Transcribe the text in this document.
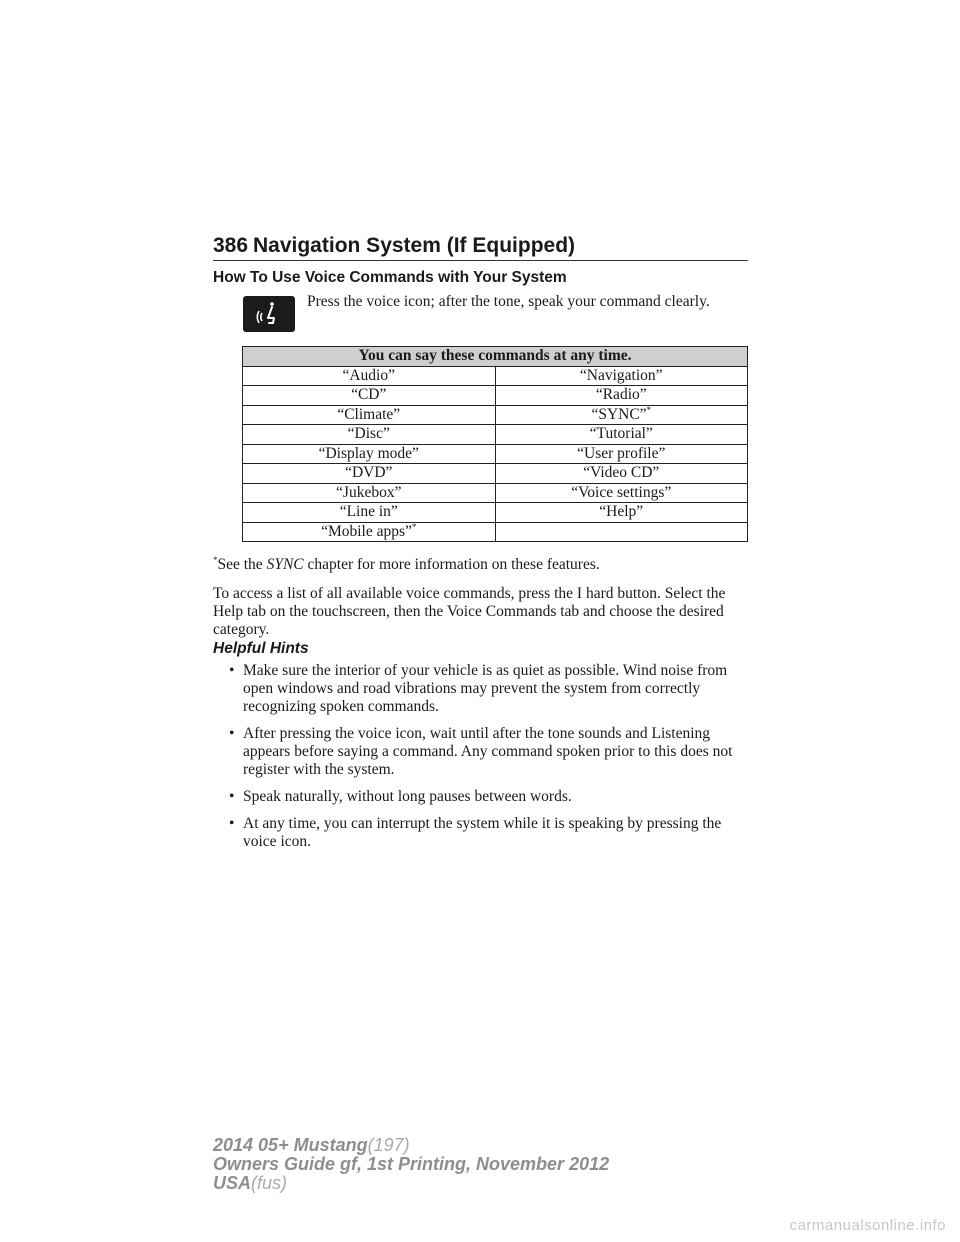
386 Navigation System (If Equipped)
How To Use Voice Commands with Your System
Press the voice icon; after the tone, speak your command clearly.
You can say these commands at any time.	
“Audio”	“Navigation”
“CD”	“Radio”
“Climate”	“SYNC”*
“Disc”	“Tutorial”
“Display mode”	“User profile”
“DVD”	“Video CD”
“Jukebox”	“Voice settings”
“Line in”	“Help”
“Mobile apps”*	
*See the SYNC chapter for more information on these features.
To access a list of all available voice commands, press the I hard button. Select the Help tab on the touchscreen, then the Voice Commands tab and choose the desired category.
Helpful Hints
• Make sure the interior of your vehicle is as quiet as possible. Wind noise from open windows and road vibrations may prevent the system from correctly recognizing spoken commands.
• After pressing the voice icon, wait until after the tone sounds and Listening appears before saying a command. Any command spoken prior to this does not register with the system.
• Speak naturally, without long pauses between words.
• At any time, you can interrupt the system while it is speaking by pressing the voice icon.
2014 05+ Mustang(197)
Owners Guide gf, 1st Printing, November 2012
USA(fus)
carmanualsonline.info
